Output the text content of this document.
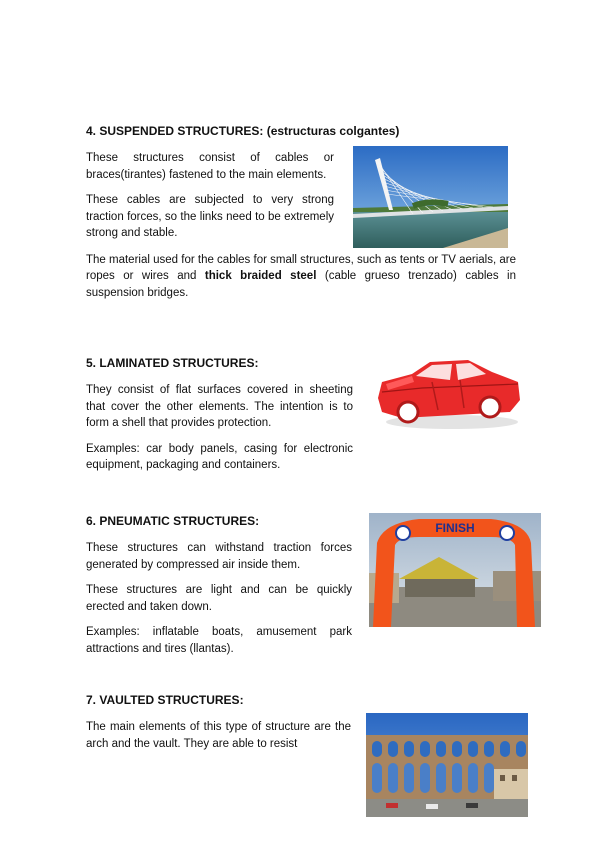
4. SUSPENDED STRUCTURES: (estructuras colgantes)

These structures consist of cables or braces(tirantes) fastened to the main elements.

These cables are subjected to very strong traction forces, so the links need to be extremely strong and stable.

The material used for the cables for small structures, such as tents or TV aerials, are ropes or wires and thick braided steel (cable grueso trenzado) cables in suspension bridges.

5. LAMINATED STRUCTURES:

They consist of flat surfaces covered in sheeting that cover the other elements. The intention is to form a shell that provides protection.

Examples: car body panels, casing for electronic equipment, packaging and containers.

6. PNEUMATIC STRUCTURES:

These structures can withstand traction forces generated by compressed air inside them.

These structures are light and can be quickly erected and taken down.

Examples: inflatable boats, amusement park attractions and tires (llantas).

FINISH

7. VAULTED STRUCTURES:

The main elements of this type of structure are the arch and the vault. They are able to resist
